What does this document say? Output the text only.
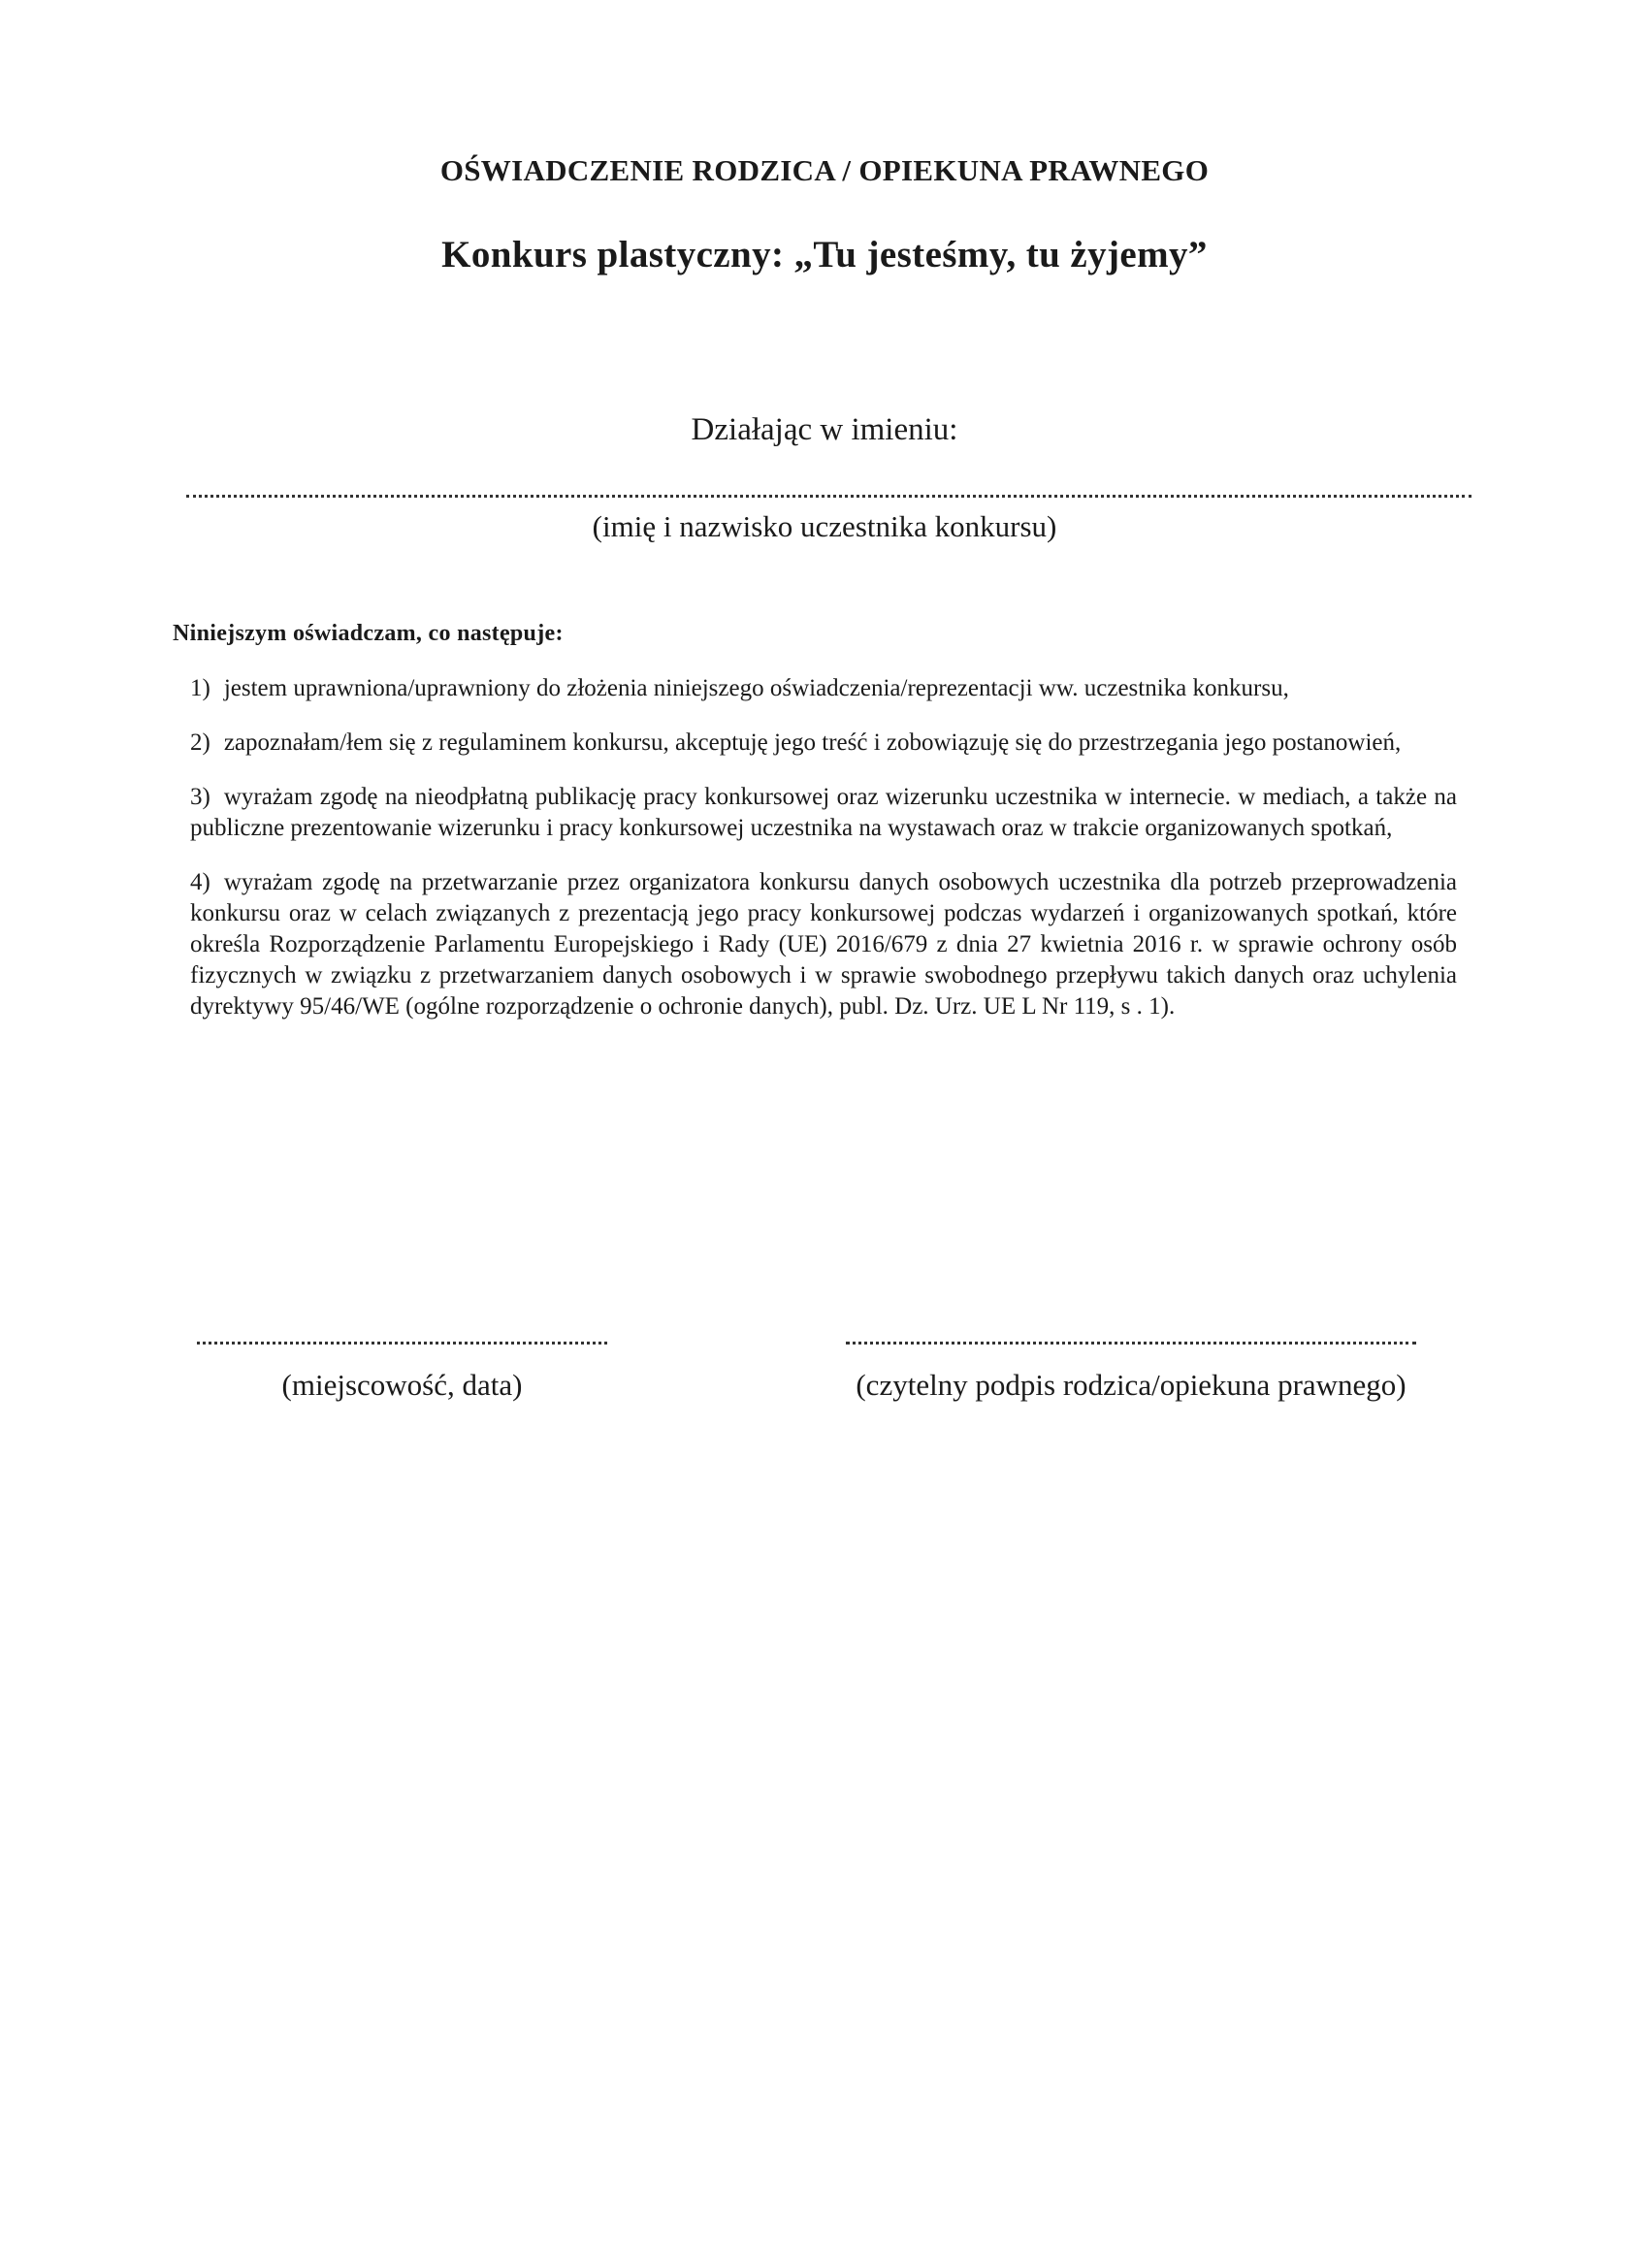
OŚWIADCZENIE RODZICA / OPIEKUNA PRAWNEGO
Konkurs plastyczny: „Tu jesteśmy, tu żyjemy”
Działając w imieniu:
(imię i nazwisko uczestnika konkursu)
Niniejszym oświadczam, co następuje:
1) jestem uprawniona/uprawniony do złożenia niniejszego oświadczenia/reprezentacji ww. uczestnika konkursu,
2) zapoznałam/łem się z regulaminem konkursu, akceptuję jego treść i zobowiązuję się do przestrzegania jego postanowień,
3) wyrażam zgodę na nieodpłatną publikację pracy konkursowej oraz wizerunku uczestnika w internecie. w mediach, a także na publiczne prezentowanie wizerunku i pracy konkursowej uczestnika na wystawach oraz w trakcie organizowanych spotkań,
4) wyrażam zgodę na przetwarzanie przez organizatora konkursu danych osobowych uczestnika dla potrzeb przeprowadzenia konkursu oraz w celach związanych z prezentacją jego pracy konkursowej podczas wydarzeń i organizowanych spotkań, które określa Rozporządzenie Parlamentu Europejskiego i Rady (UE) 2016/679 z dnia 27 kwietnia 2016 r. w sprawie ochrony osób fizycznych w związku z przetwarzaniem danych osobowych i w sprawie swobodnego przepływu takich danych oraz uchylenia dyrektywy 95/46/WE (ogólne rozporządzenie o ochronie danych), publ. Dz. Urz. UE L Nr 119, s . 1).
(miejscowość, data)	(czytelny podpis rodzica/opiekuna prawnego)
